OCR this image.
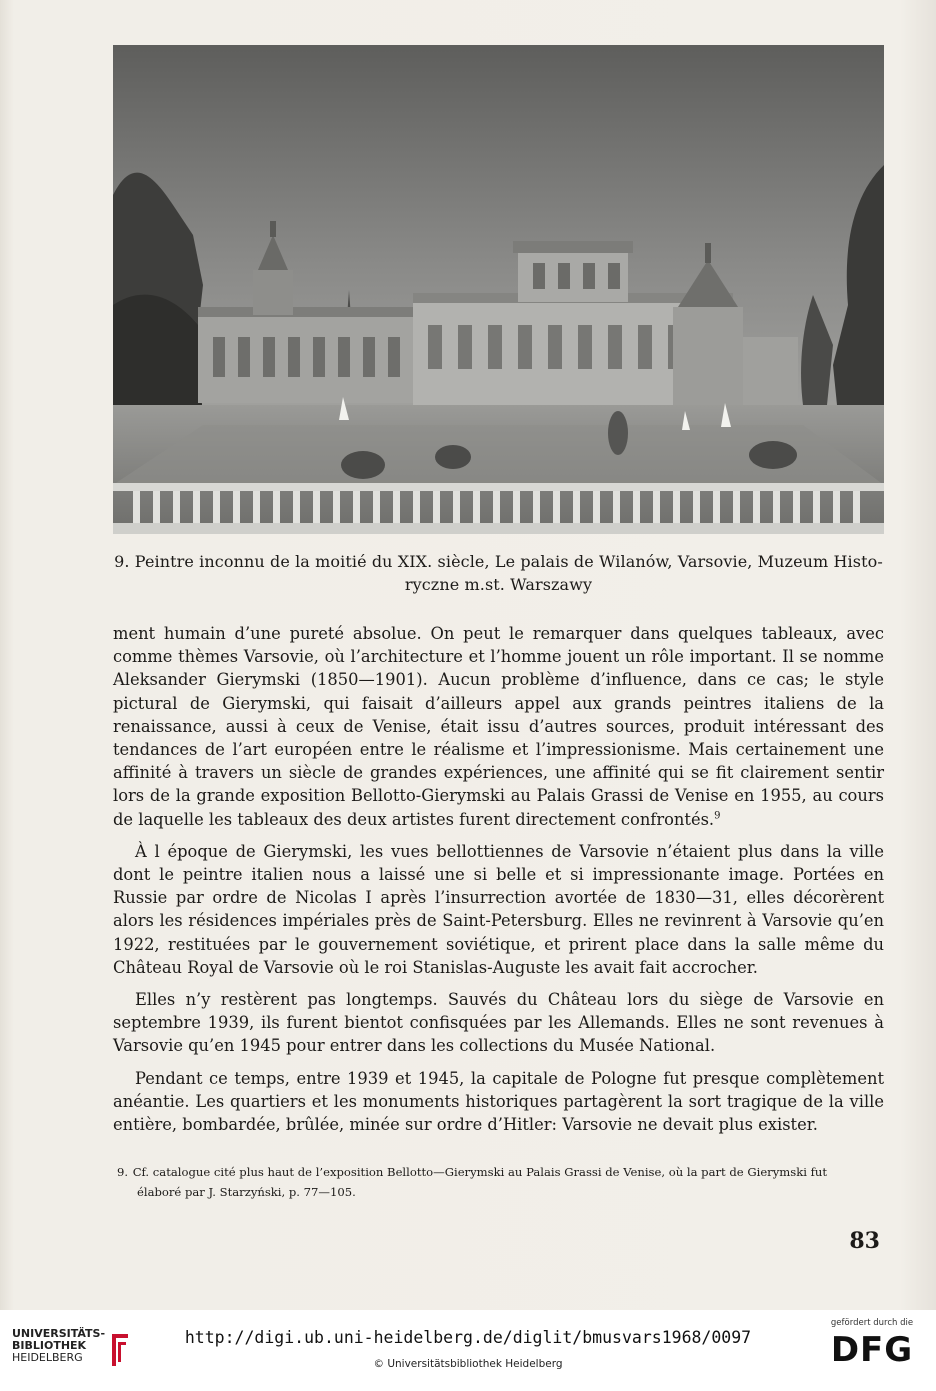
9. Peintre inconnu de la moitié du XIX. siècle, Le palais de Wilanów, Varsovie, Muzeum Histo-
ryczne m.st. Warszawy

ment humain d’une pureté absolue. On peut le remarquer dans quelques tableaux, avec comme thèmes Varsovie, où l’architecture et l’homme jouent un rôle important. Il se nomme Aleksander Gierymski (1850—1901). Aucun problème d’influence, dans ce cas; le style pictural de Gierymski, qui faisait d’ailleurs appel aux grands peintres italiens de la renaissance, aussi à ceux de Venise, était issu d’autres sources, produit intéressant des tendances de l’art européen entre le réalisme et l’impressionisme. Mais certainement une affinité à travers un siècle de grandes expériences, une affinité qui se fit clairement sentir lors de la grande exposition Bellotto-Gierymski au Palais Grassi de Venise en 1955, au cours de laquelle les tableaux des deux artistes furent directement confrontés.$^9$

À l époque de Gierymski, les vues bellottiennes de Varsovie n’étaient plus dans la ville dont le peintre italien nous a laissé une si belle et si impressionante image. Portées en Russie par ordre de Nicolas I après l’insurrection avortée de 1830—31, elles décorèrent alors les résidences impériales près de Saint-Petersburg. Elles ne revinrent à Varsovie qu’en 1922, restituées par le gouvernement soviétique, et prirent place dans la salle même du Château Royal de Varsovie où le roi Stanislas-Auguste les avait fait accrocher.

Elles n’y restèrent pas longtemps. Sauvés du Château lors du siège de Varsovie en septembre 1939, ils furent bientot confisquées par les Allemands. Elles ne sont revenues à Varsovie qu’en 1945 pour entrer dans les collections du Musée National.

Pendant ce temps, entre 1939 et 1945, la capitale de Pologne fut presque complètement anéantie. Les quartiers et les monuments historiques partagèrent la sort tragique de la ville entière, bombardée, brûlée, minée sur ordre d’Hitler: Varsovie ne devait plus exister.

9. Cf. catalogue cité plus haut de l’exposition Bellotto—Gierymski au Palais Grassi de Venise, où la part de Gierymski fut
élaboré par J. Starzyński, p. 77—105.
83
UNIVERSITÄTS-
BIBLIOTHEK
HEIDELBERG
http://digi.ub.uni-heidelberg.de/diglit/bmusvars1968/0097
© Universitätsbibliothek Heidelberg
gefördert durch die
DFG
